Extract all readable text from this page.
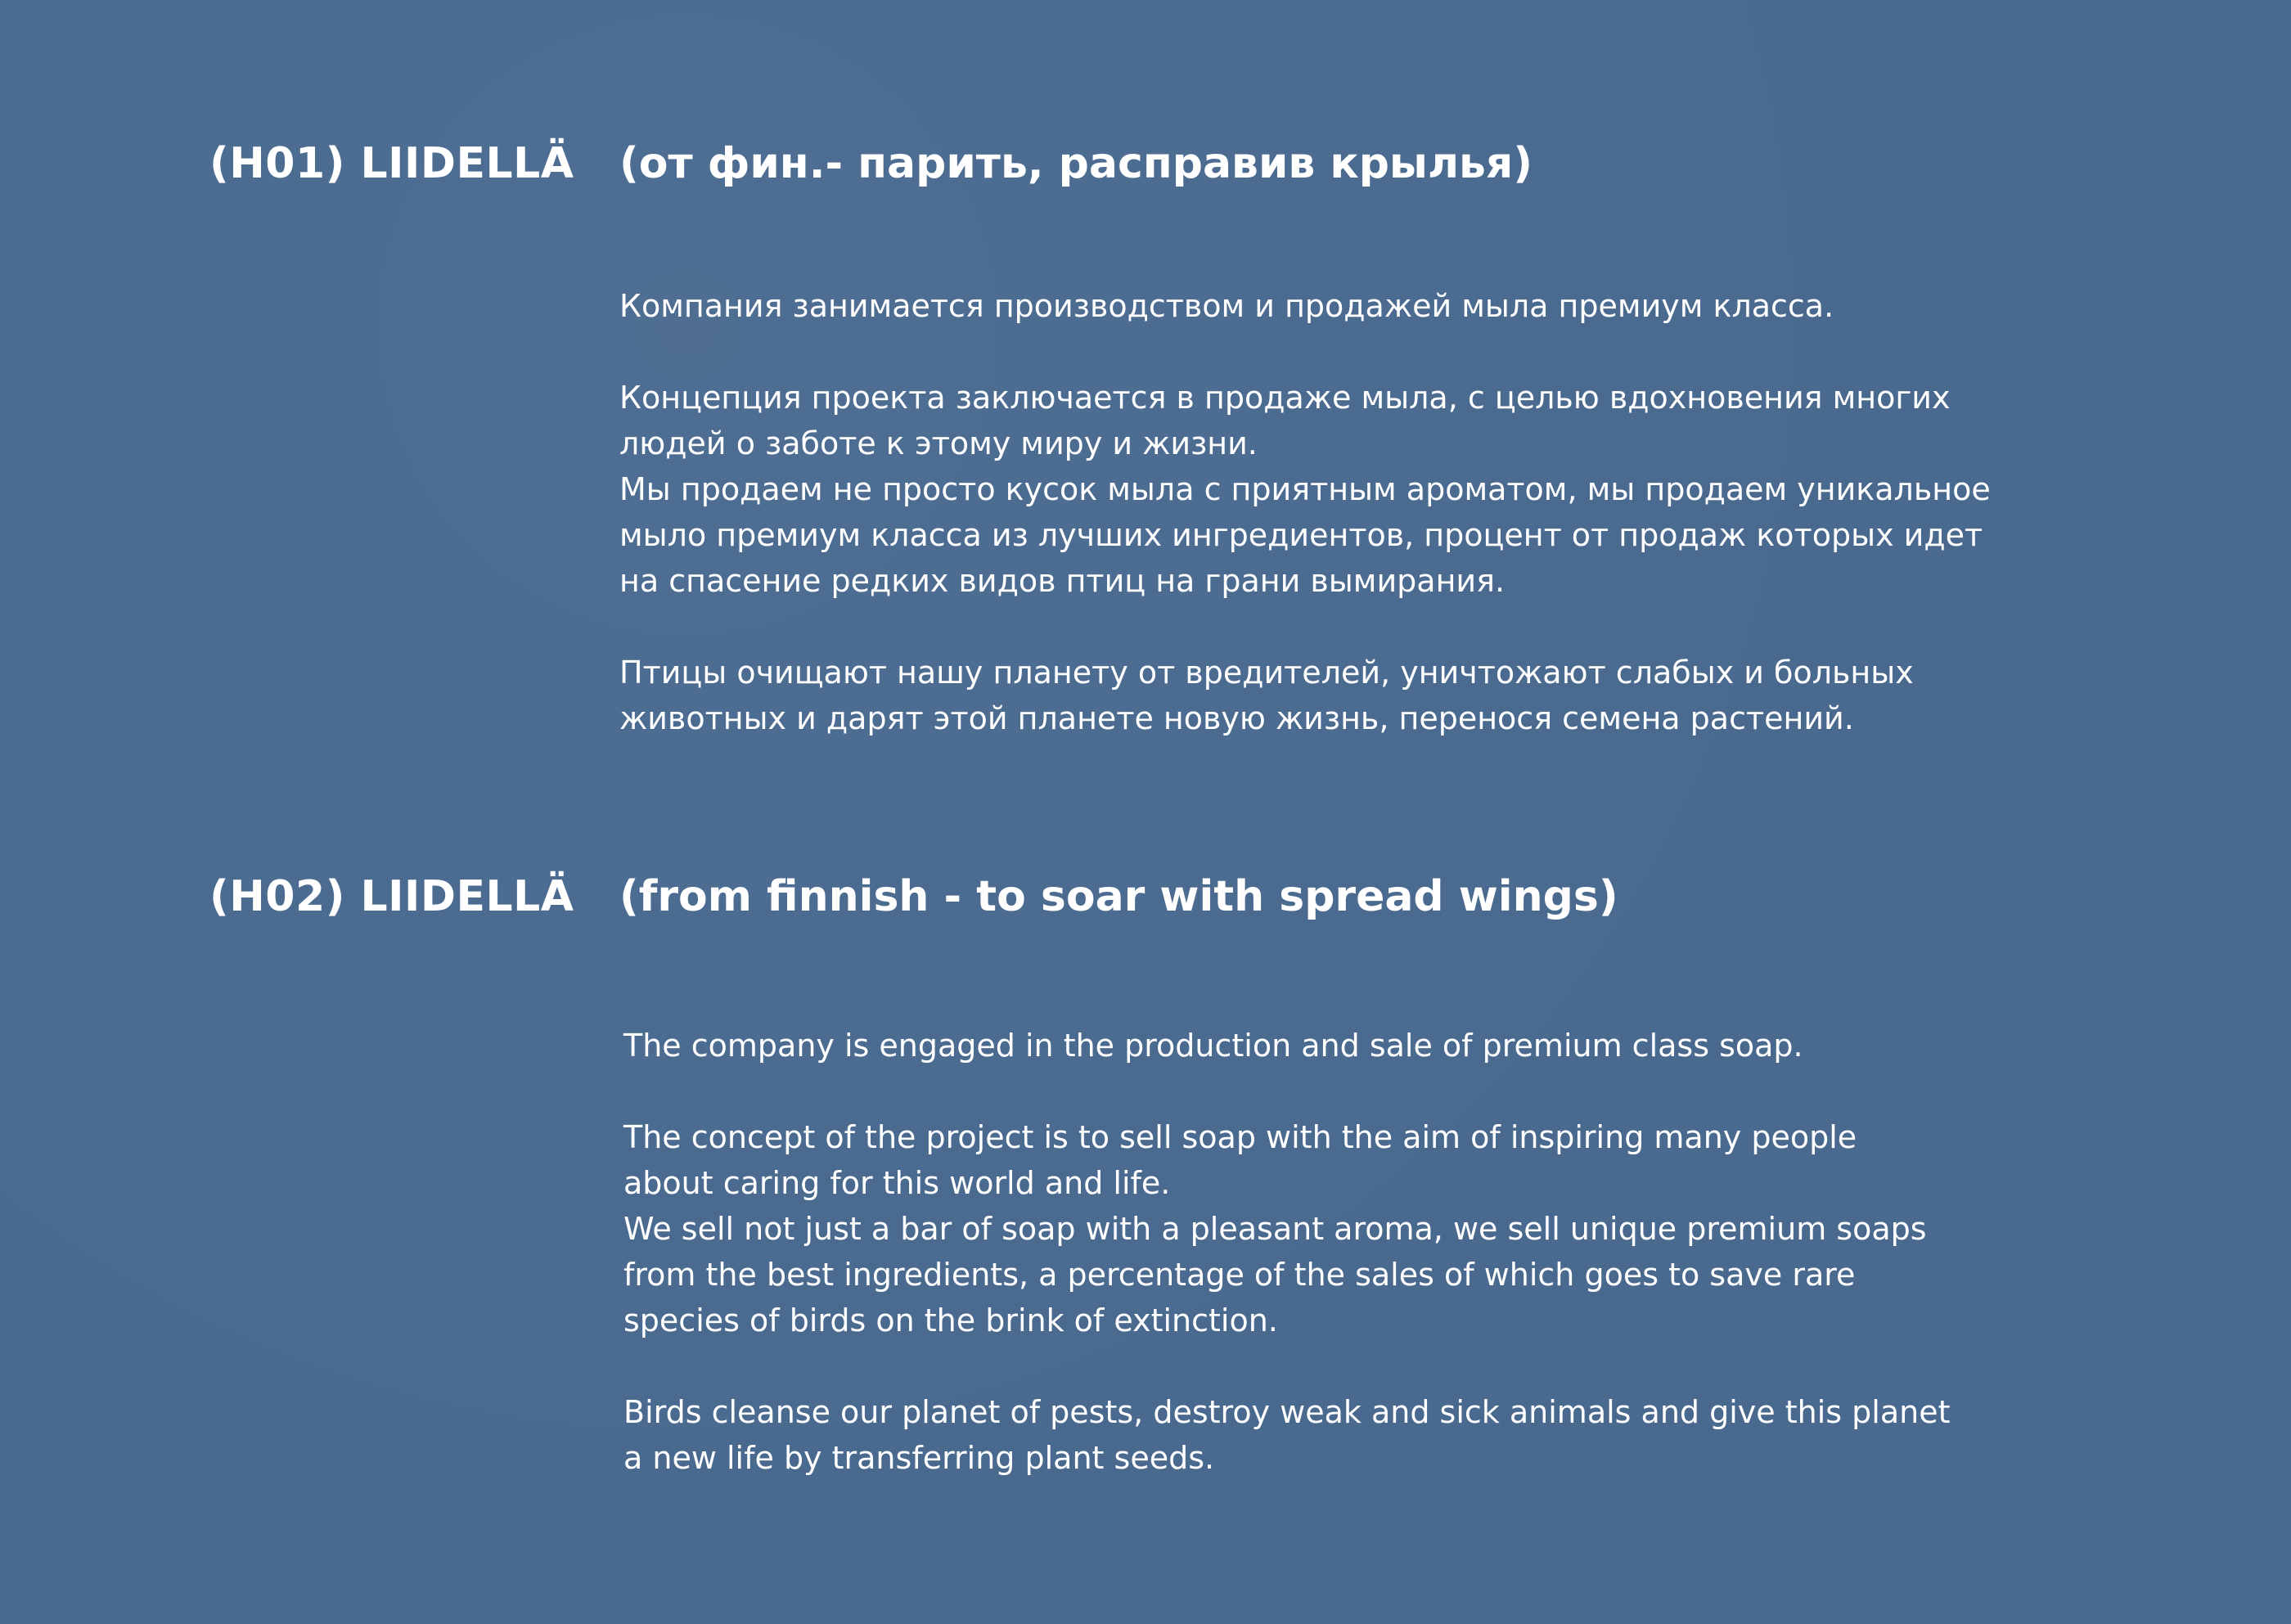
(H01) LIIDELLÄ (от фин.- парить, расправив крылья)

Компания занимается производством и продажей мыла премиум класса.

Концепция проекта заключается в продаже мыла, с целью вдохновения многих
людей о заботе к этому миру и жизни.
Мы продаем не просто кусок мыла с приятным ароматом, мы продаем уникальное
мыло премиум класса из лучших ингредиентов, процент от продаж которых идет
на спасение редких видов птиц на грани вымирания.

Птицы очищают нашу планету от вредителей, уничтожают слабых и больных
животных и дарят этой планете новую жизнь, перенося семена растений.

(H02) LIIDELLÄ (from finnish - to soar with spread wings)

The company is engaged in the production and sale of premium class soap.

The concept of the project is to sell soap with the aim of inspiring many people
about caring for this world and life.
We sell not just a bar of soap with a pleasant aroma, we sell unique premium soaps
from the best ingredients, a percentage of the sales of which goes to save rare
species of birds on the brink of extinction.

Birds cleanse our planet of pests, destroy weak and sick animals and give this planet
a new life by transferring plant seeds.
